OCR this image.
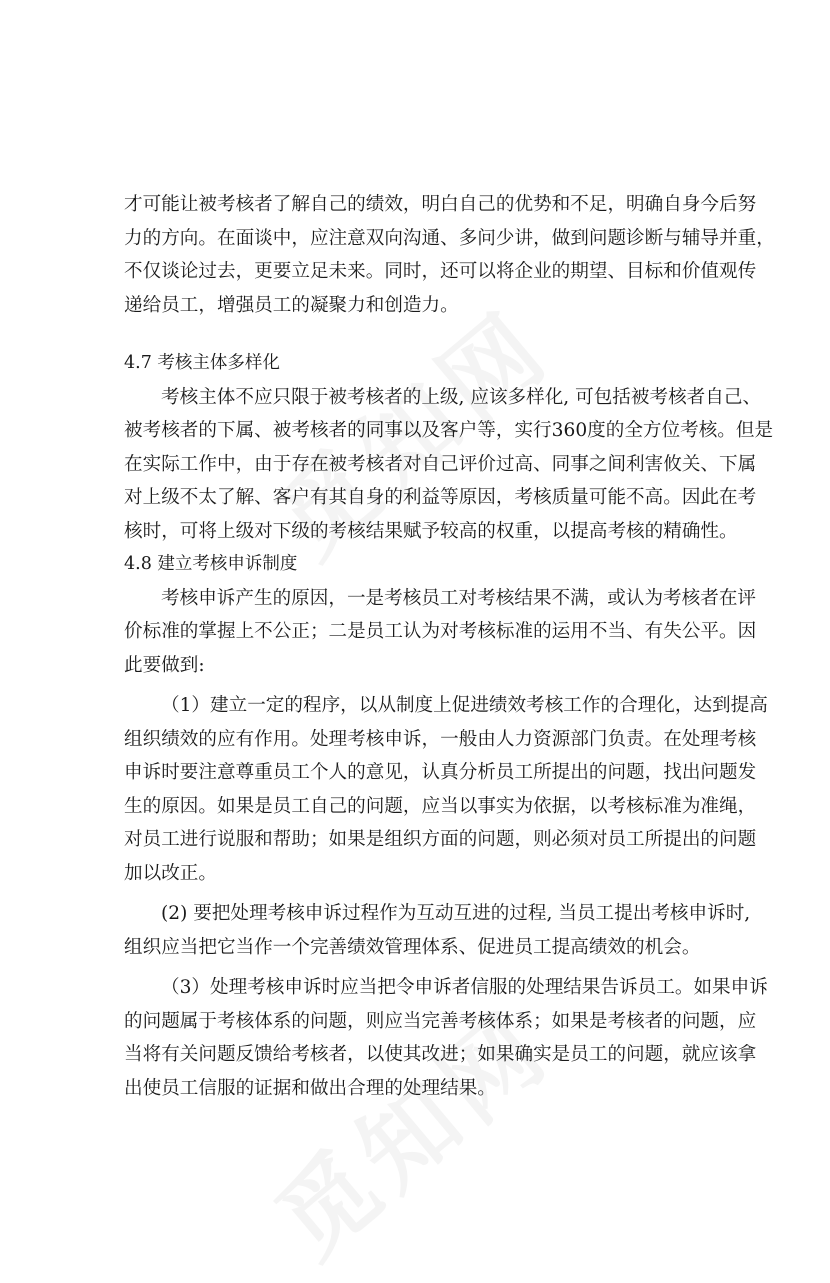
才可能让被考核者了解自己的绩效，明白自己的优势和不足，明确自身今后努
力的方向。在面谈中，应注意双向沟通、多问少讲，做到问题诊断与辅导并重，
不仅谈论过去，更要立足未来。同时，还可以将企业的期望、目标和价值观传
递给员工，增强员工的凝聚力和创造力。
4.7 考核主体多样化
考核主体不应只限于被考核者的上级, 应该多样化, 可包括被考核者自己、
被考核者的下属、被考核者的同事以及客户等，实行360度的全方位考核。但是
在实际工作中，由于存在被考核者对自己评价过高、同事之间利害攸关、下属
对上级不太了解、客户有其自身的利益等原因，考核质量可能不高。因此在考
核时，可将上级对下级的考核结果赋予较高的权重，以提高考核的精确性。
4.8 建立考核申诉制度
考核申诉产生的原因，一是考核员工对考核结果不满，或认为考核者在评
价标准的掌握上不公正；二是员工认为对考核标准的运用不当、有失公平。因
此要做到:
（1）建立一定的程序，以从制度上促进绩效考核工作的合理化，达到提高
组织绩效的应有作用。处理考核申诉，一般由人力资源部门负责。在处理考核
申诉时要注意尊重员工个人的意见，认真分析员工所提出的问题，找出问题发
生的原因。如果是员工自己的问题，应当以事实为依据，以考核标准为准绳，
对员工进行说服和帮助；如果是组织方面的问题，则必须对员工所提出的问题
加以改正。
(2) 要把处理考核申诉过程作为互动互进的过程, 当员工提出考核申诉时,
组织应当把它当作一个完善绩效管理体系、促进员工提高绩效的机会。
（3）处理考核申诉时应当把令申诉者信服的处理结果告诉员工。如果申诉
的问题属于考核体系的问题，则应当完善考核体系；如果是考核者的问题，应
当将有关问题反馈给考核者，以使其改进；如果确实是员工的问题，就应该拿
出使员工信服的证据和做出合理的处理结果。
